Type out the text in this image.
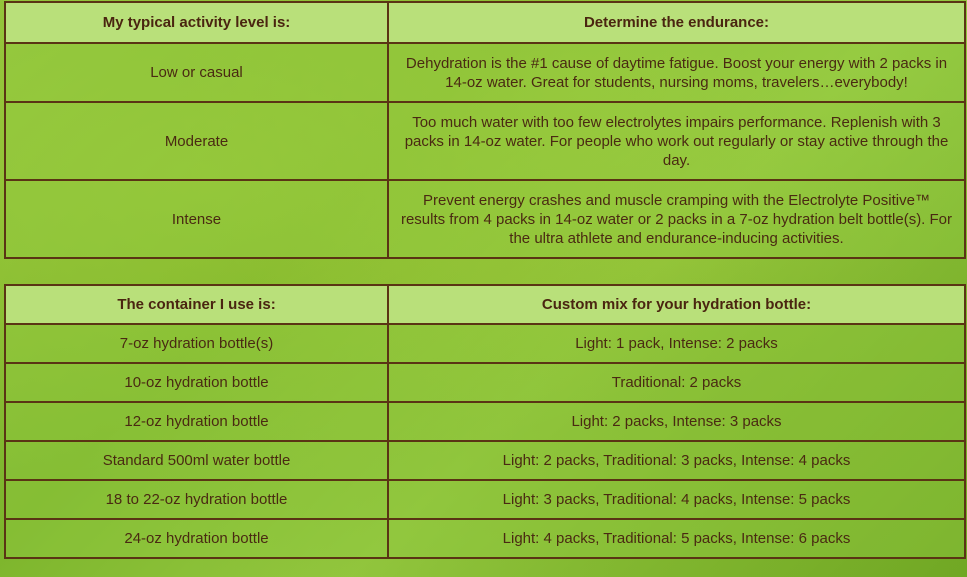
My typical activity level is:	Determine the endurance:
Low or casual	Dehydration is the #1 cause of daytime fatigue. Boost your energy with 2 packs in 14-oz water. Great for students, nursing moms, travelers…everybody!
Moderate	Too much water with too few electrolytes impairs performance. Replenish with 3 packs in 14-oz water. For people who work out regularly or stay active through the day.
Intense	Prevent energy crashes and muscle cramping with the Electrolyte Positive™ results from 4 packs in 14-oz water or 2 packs in a 7-oz hydration belt bottle(s). For the ultra athlete and endurance-inducing activities.
The container I use is:	Custom mix for your hydration bottle:
7-oz hydration bottle(s)	Light: 1 pack, Intense: 2 packs
10-oz hydration bottle	Traditional: 2 packs
12-oz hydration bottle	Light: 2 packs, Intense: 3 packs
Standard 500ml water bottle	Light: 2 packs, Traditional: 3 packs, Intense: 4 packs
18 to 22-oz hydration bottle	Light: 3 packs, Traditional: 4 packs, Intense: 5 packs
24-oz hydration bottle	Light: 4 packs, Traditional: 5 packs, Intense: 6 packs
